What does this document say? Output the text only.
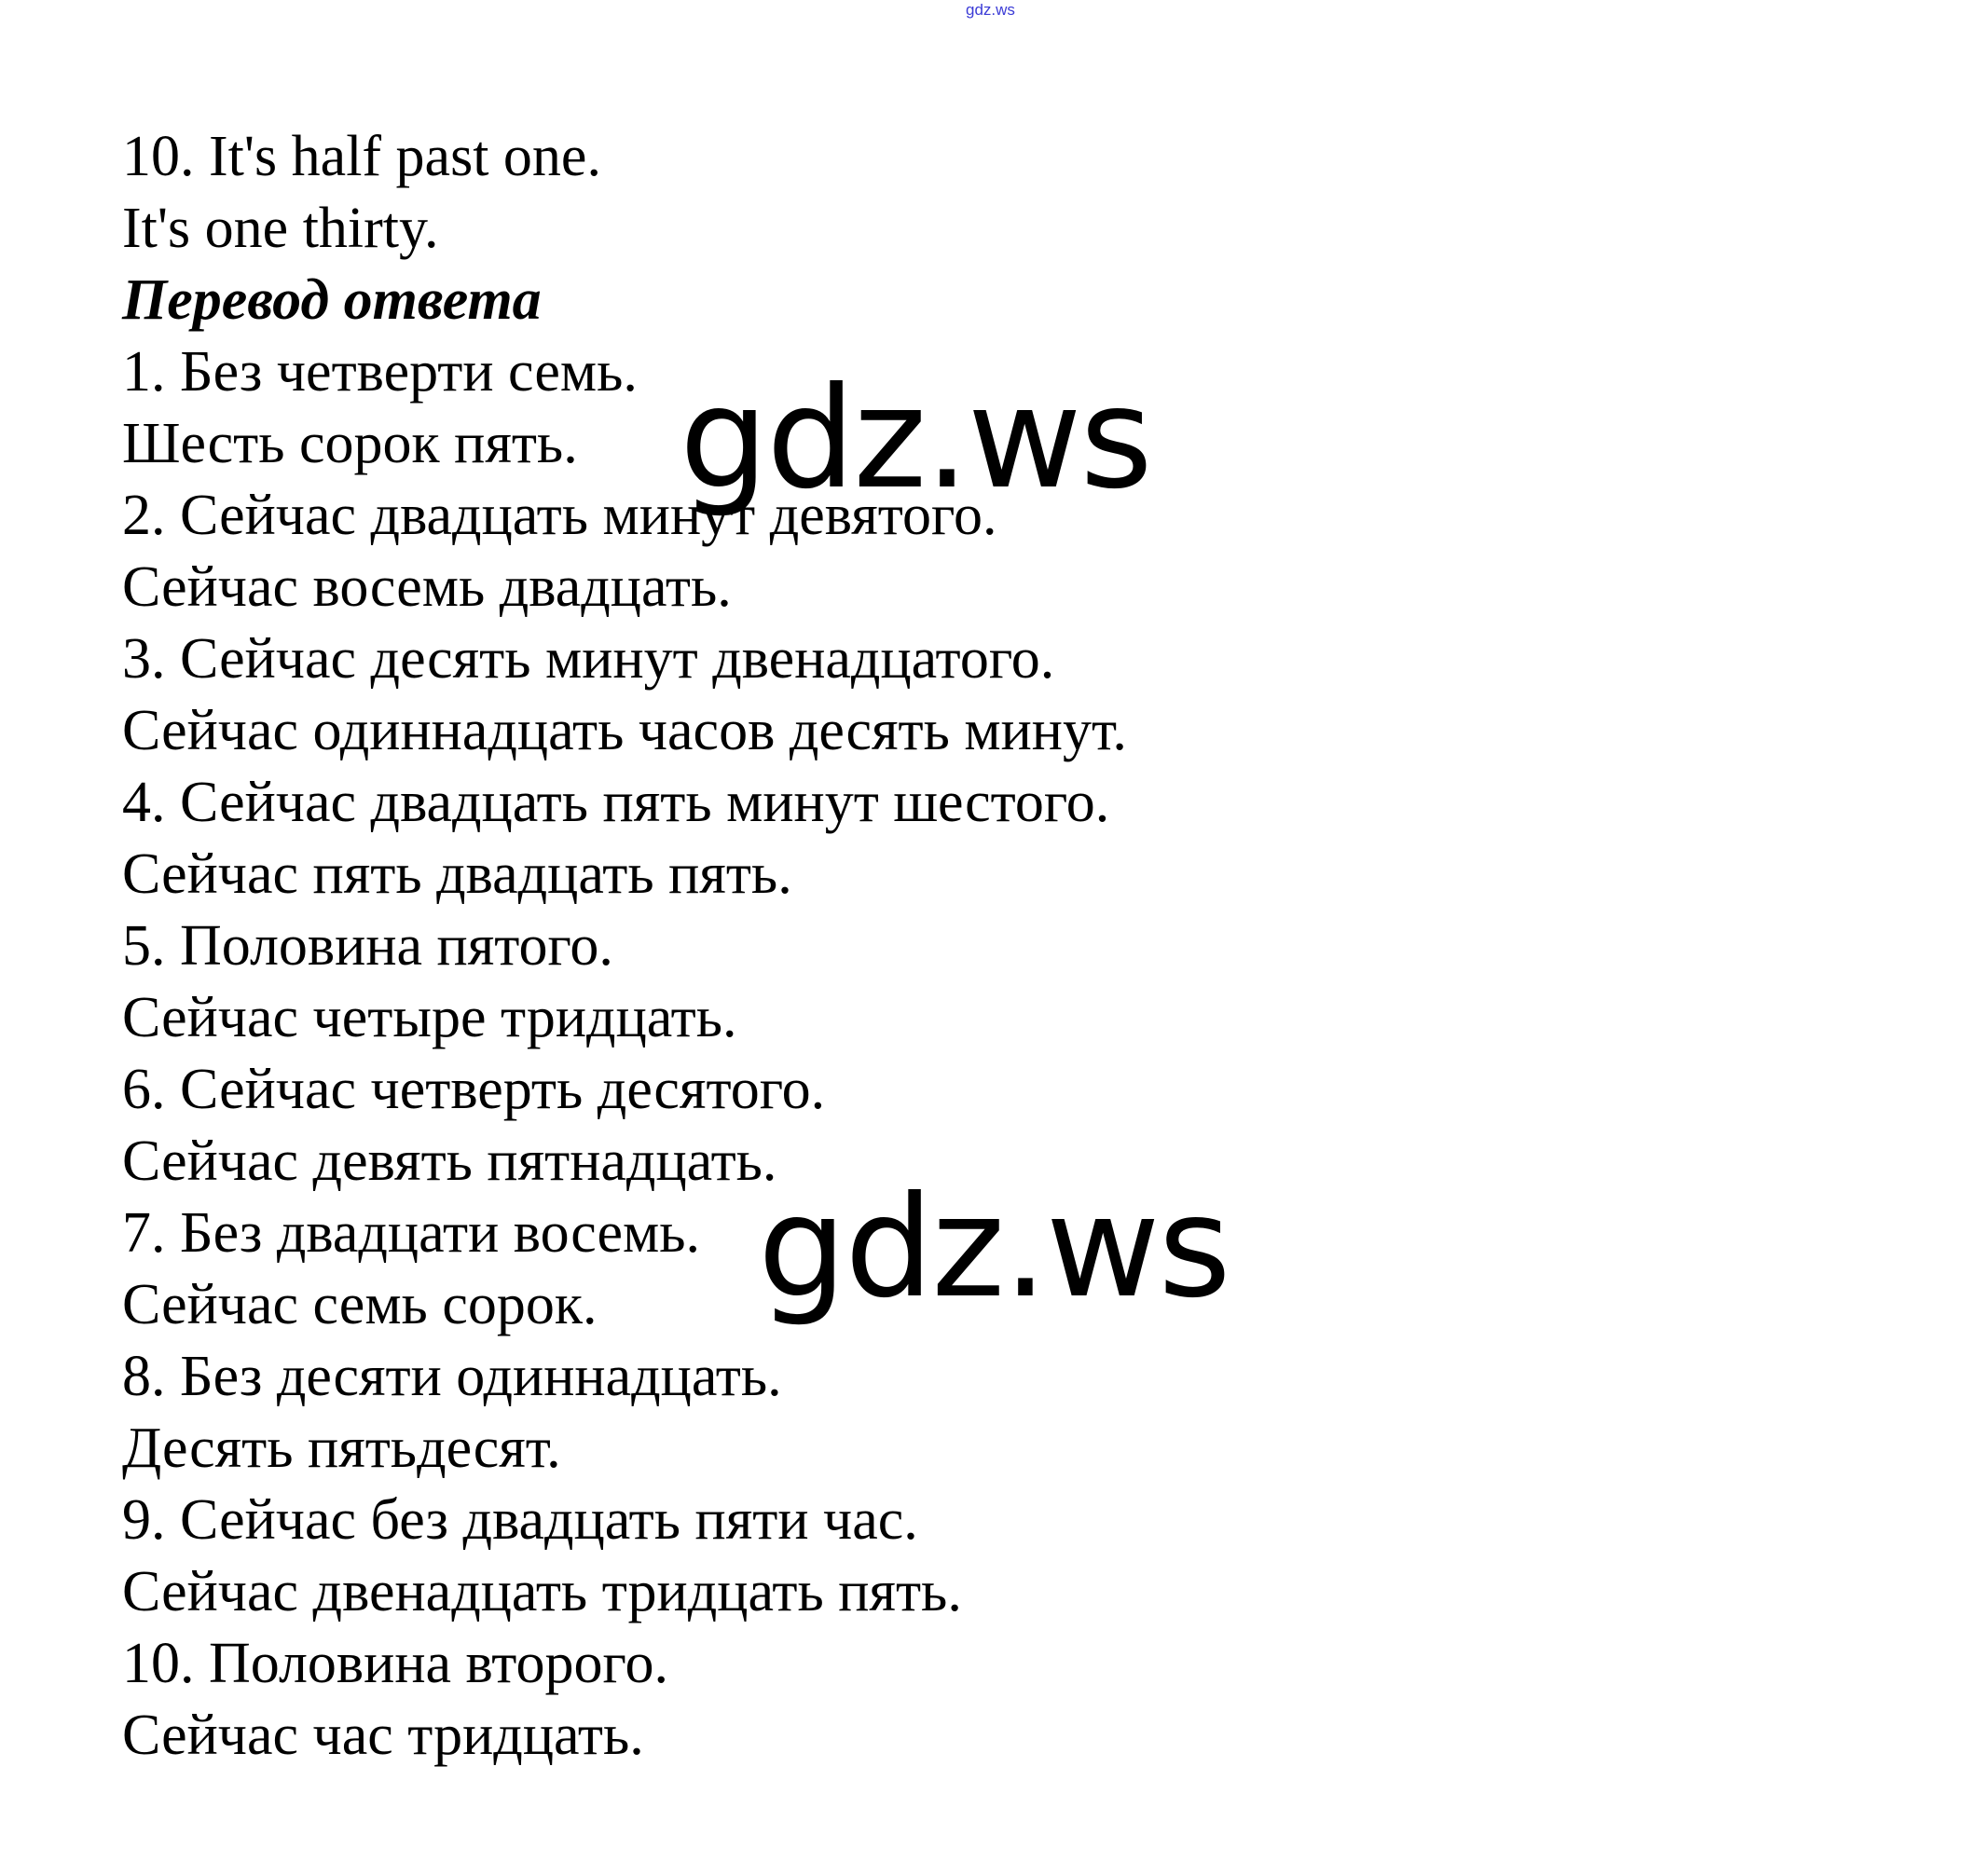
gdz.ws
10. It's half past one.
It's one thirty.
Перевод ответа
1. Без четверти семь.
Шесть сорок пять.
2. Сейчас двадцать минут девятого.
Сейчас восемь двадцать.
3. Сейчас десять минут двенадцатого.
Сейчас одиннадцать часов десять минут.
4. Сейчас двадцать пять минут шестого.
Сейчас пять двадцать пять.
5. Половина пятого.
Сейчас четыре тридцать.
6. Сейчас четверть десятого.
Сейчас девять пятнадцать.
7. Без двадцати восемь.
Сейчас семь сорок.
8. Без десяти одиннадцать.
Десять пятьдесят.
9. Сейчас без двадцать пяти час.
Сейчас двенадцать тридцать пять.
10. Половина второго.
Сейчас час тридцать.
gdz.ws
gdz.ws
